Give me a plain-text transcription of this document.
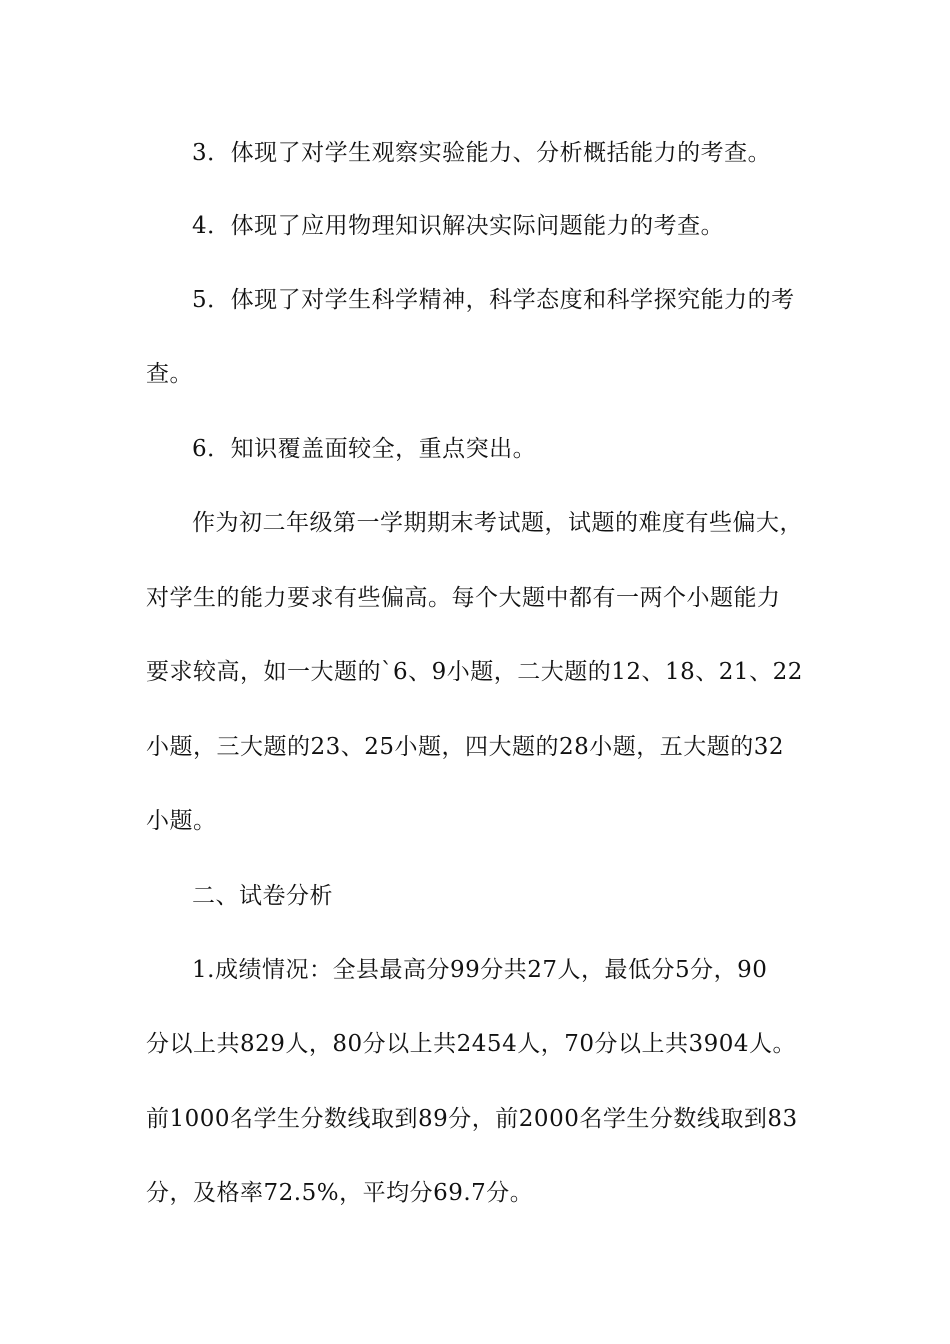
3．体现了对学生观察实验能力、分析概括能力的考查。
4．体现了应用物理知识解决实际问题能力的考查。
5．体现了对学生科学精神，科学态度和科学探究能力的考
查。
6．知识覆盖面较全，重点突出。
作为初二年级第一学期期末考试题，试题的难度有些偏大，
对学生的能力要求有些偏高。每个大题中都有一两个小题能力
要求较高，如一大题的`6、9小题，二大题的12、18、21、22
小题，三大题的23、25小题，四大题的28小题，五大题的32
小题。
二、试卷分析
1.成绩情况：全县最高分99分共27人，最低分5分，90
分以上共829人，80分以上共2454人，70分以上共3904人。
前1000名学生分数线取到89分，前2000名学生分数线取到83
分，及格率72.5%，平均分69.7分。
